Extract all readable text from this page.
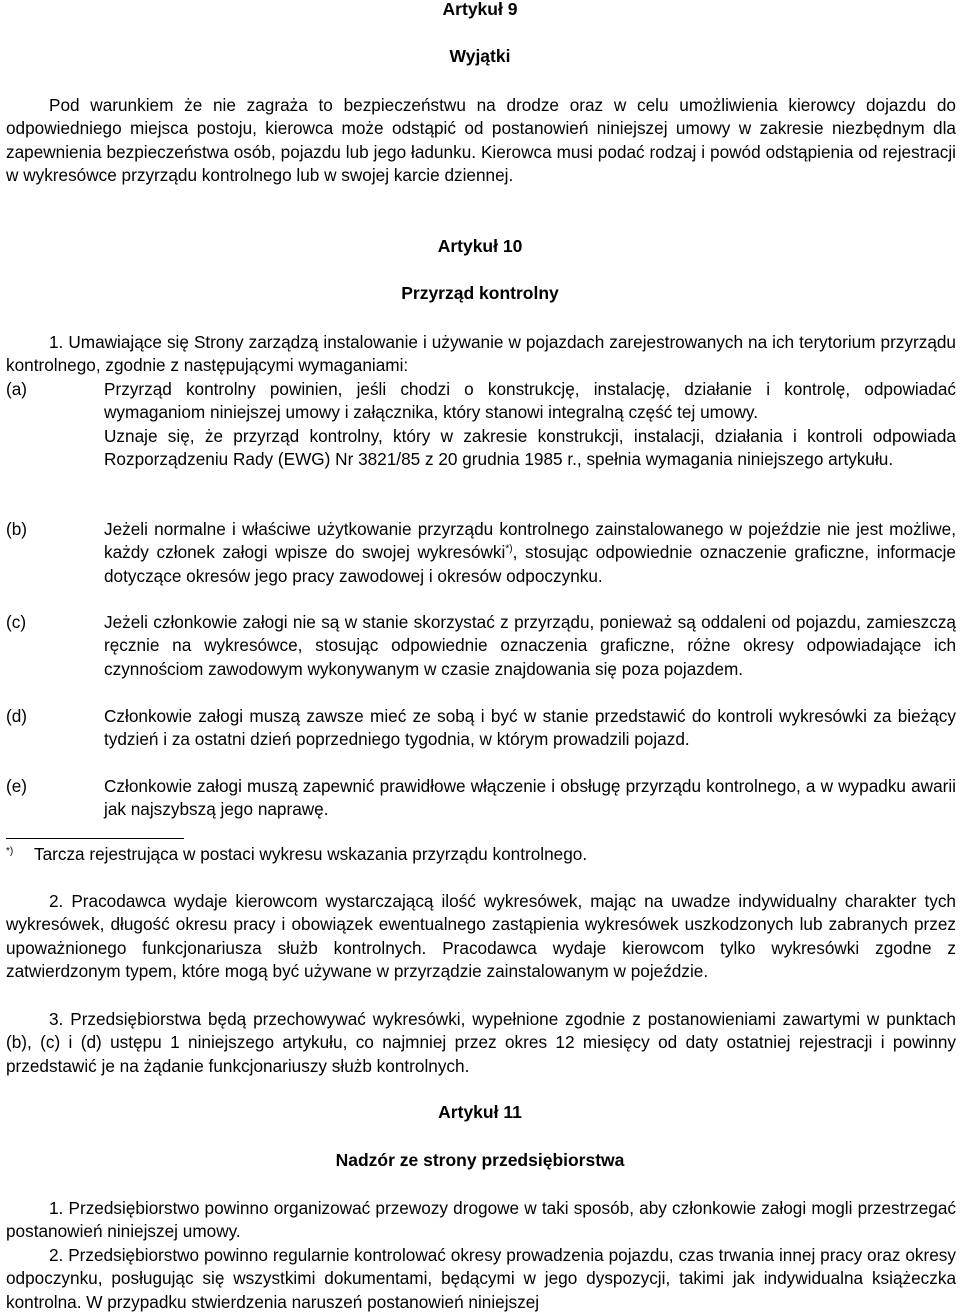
Artykuł 9
Wyjątki
Pod warunkiem że nie zagraża to bezpieczeństwu na drodze oraz w celu umożliwienia kierowcy dojazdu do odpowiedniego miejsca postoju, kierowca może odstąpić od postanowień niniejszej umowy w zakresie niezbędnym dla zapewnienia bezpieczeństwa osób, pojazdu lub jego ładunku. Kierowca musi podać rodzaj i powód odstąpienia od rejestracji w wykresówce przyrządu kontrolnego lub w swojej karcie dziennej.
Artykuł 10
Przyrząd kontrolny
1. Umawiające się Strony zarządzą instalowanie i używanie w pojazdach zarejestrowanych na ich terytorium przyrządu kontrolnego, zgodnie z następującymi wymaganiami:
(a)	Przyrząd kontrolny powinien, jeśli chodzi o konstrukcję, instalację, działanie i kontrolę, odpowiadać wymaganiom niniejszej umowy i załącznika, który stanowi integralną część tej umowy.
Uznaje się, że przyrząd kontrolny, który w zakresie konstrukcji, instalacji, działania i kontroli odpowiada Rozporządzeniu Rady (EWG) Nr 3821/85 z 20 grudnia 1985 r., spełnia wymagania niniejszego artykułu.
(b)	Jeżeli normalne i właściwe użytkowanie przyrządu kontrolnego zainstalowanego w pojeździe nie jest możliwe, każdy członek załogi wpisze do swojej wykresówki*), stosując odpowiednie oznaczenie graficzne, informacje dotyczące okresów jego pracy zawodowej i okresów odpoczynku.
(c)	Jeżeli członkowie załogi nie są w stanie skorzystać z przyrządu, ponieważ są oddaleni od pojazdu, zamieszczą ręcznie na wykresówce, stosując odpowiednie oznaczenia graficzne, różne okresy odpowiadające ich czynnościom zawodowym wykonywanym w czasie znajdowania się poza pojazdem.
(d)	Członkowie załogi muszą zawsze mieć ze sobą i być w stanie przedstawić do kontroli wykresówki za bieżący tydzień i za ostatni dzień poprzedniego tygodnia, w którym prowadzili pojazd.
(e)	Członkowie załogi muszą zapewnić prawidłowe włączenie i obsługę przyrządu kontrolnego, a w wypadku awarii jak najszybszą jego naprawę.
*) Tarcza rejestrująca w postaci wykresu wskazania przyrządu kontrolnego.
2. Pracodawca wydaje kierowcom wystarczającą ilość wykresówek, mając na uwadze indywidualny charakter tych wykresówek, długość okresu pracy i obowiązek ewentualnego zastąpienia wykresówek uszkodzonych lub zabranych przez upoważnionego funkcjonariusza służb kontrolnych. Pracodawca wydaje kierowcom tylko wykresówki zgodne z zatwierdzonym typem, które mogą być używane w przyrządzie zainstalowanym w pojeździe.
3. Przedsiębiorstwa będą przechowywać wykresówki, wypełnione zgodnie z postanowieniami zawartymi w punktach (b), (c) i (d) ustępu 1 niniejszego artykułu, co najmniej przez okres 12 miesięcy od daty ostatniej rejestracji i powinny przedstawić je na żądanie funkcjonariuszy służb kontrolnych.
Artykuł 11
Nadzór ze strony przedsiębiorstwa
1. Przedsiębiorstwo powinno organizować przewozy drogowe w taki sposób, aby członkowie załogi mogli przestrzegać postanowień niniejszej umowy.
2. Przedsiębiorstwo powinno regularnie kontrolować okresy prowadzenia pojazdu, czas trwania innej pracy oraz okresy odpoczynku, posługując się wszystkimi dokumentami, będącymi w jego dyspozycji, takimi jak indywidualna książeczka kontrolna. W przypadku stwierdzenia naruszeń postanowień niniejszej
